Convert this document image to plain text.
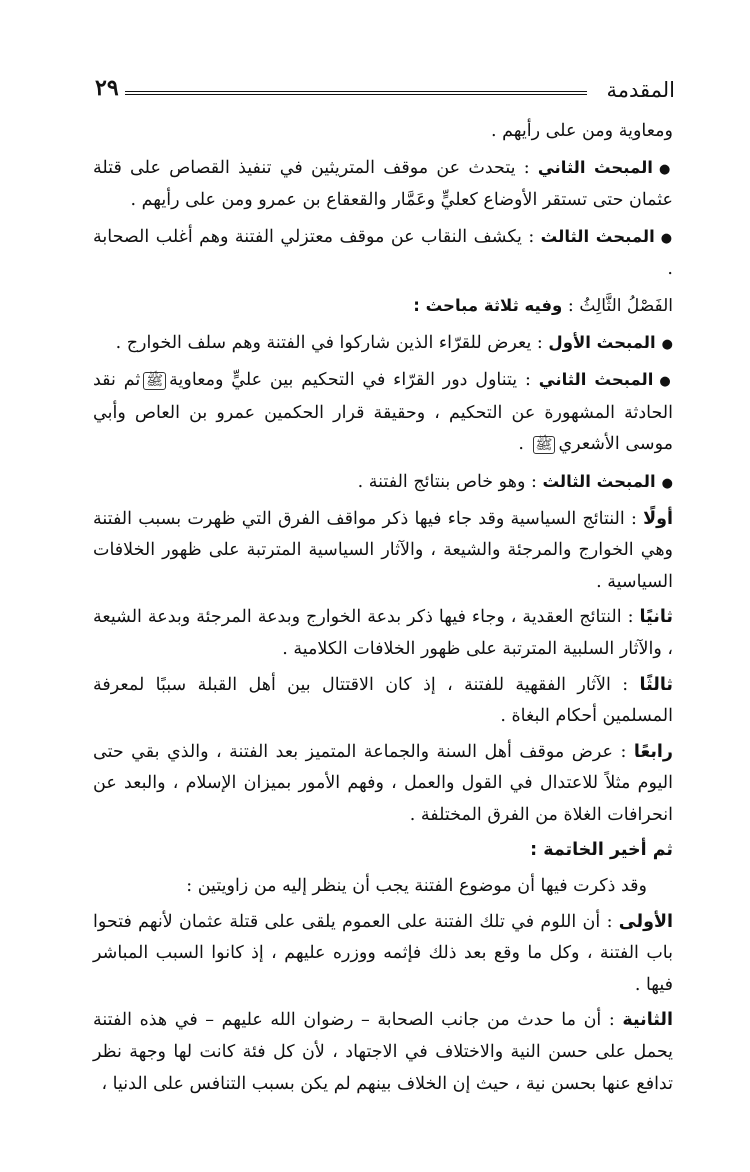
٢٩	المقدمة

ومعاوية ومن على رأيهم .

●المبحث الثاني : يتحدث عن موقف المتريثين في تنفيذ القصاص على قتلة عثمان حتى تستقر الأوضاع كعليٍّ وعَمَّار والقعقاع بن عمرو ومن على رأيهم .

●المبحث الثالث : يكشف النقاب عن موقف معتزلي الفتنة وهم أغلب الصحابة .

الفَصْلُ الثَّالِثُ : وفيه ثلاثة مباحث :

●المبحث الأول : يعرض للقرّاء الذين شاركوا في الفتنة وهم سلف الخوارج .

●المبحث الثاني : يتناول دور القرّاء في التحكيم بين عليٍّ ومعاويةﷺثم نقد الحادثة المشهورة عن التحكيم ، وحقيقة قرار الحكمين عمرو بن العاص وأبي موسى الأشعريﷺ .

●المبحث الثالث : وهو خاص بنتائج الفتنة .

أولًا : النتائج السياسية وقد جاء فيها ذكر مواقف الفرق التي ظهرت بسبب الفتنة وهي الخوارج والمرجئة والشيعة ، والآثار السياسية المترتبة على ظهور الخلافات السياسية .

ثانيًا : النتائج العقدية ، وجاء فيها ذكر بدعة الخوارج وبدعة المرجئة وبدعة الشيعة ، والآثار السلبية المترتبة على ظهور الخلافات الكلامية .

ثالثًا : الآثار الفقهية للفتنة ، إذ كان الاقتتال بين أهل القبلة سببًا لمعرفة المسلمين أحكام البغاة .

رابعًا : عرض موقف أهل السنة والجماعة المتميز بعد الفتنة ، والذي بقي حتى اليوم مثلاً للاعتدال في القول والعمل ، وفهم الأمور بميزان الإسلام ، والبعد عن انحرافات الغلاة من الفرق المختلفة .

ثم أخير الخاتمة :

وقد ذكرت فيها أن موضوع الفتنة يجب أن ينظر إليه من زاويتين :

الأولى : أن اللوم في تلك الفتنة على العموم يلقى على قتلة عثمان لأنهم فتحوا باب الفتنة ، وكل ما وقع بعد ذلك فإثمه ووزره عليهم ، إذ كانوا السبب المباشر فيها .

الثانية : أن ما حدث من جانب الصحابة – رضوان الله عليهم – في هذه الفتنة يحمل على حسن النية والاختلاف في الاجتهاد ، لأن كل فئة كانت لها وجهة نظر تدافع عنها بحسن نية ، حيث إن الخلاف بينهم لم يكن بسبب التنافس على الدنيا ،
